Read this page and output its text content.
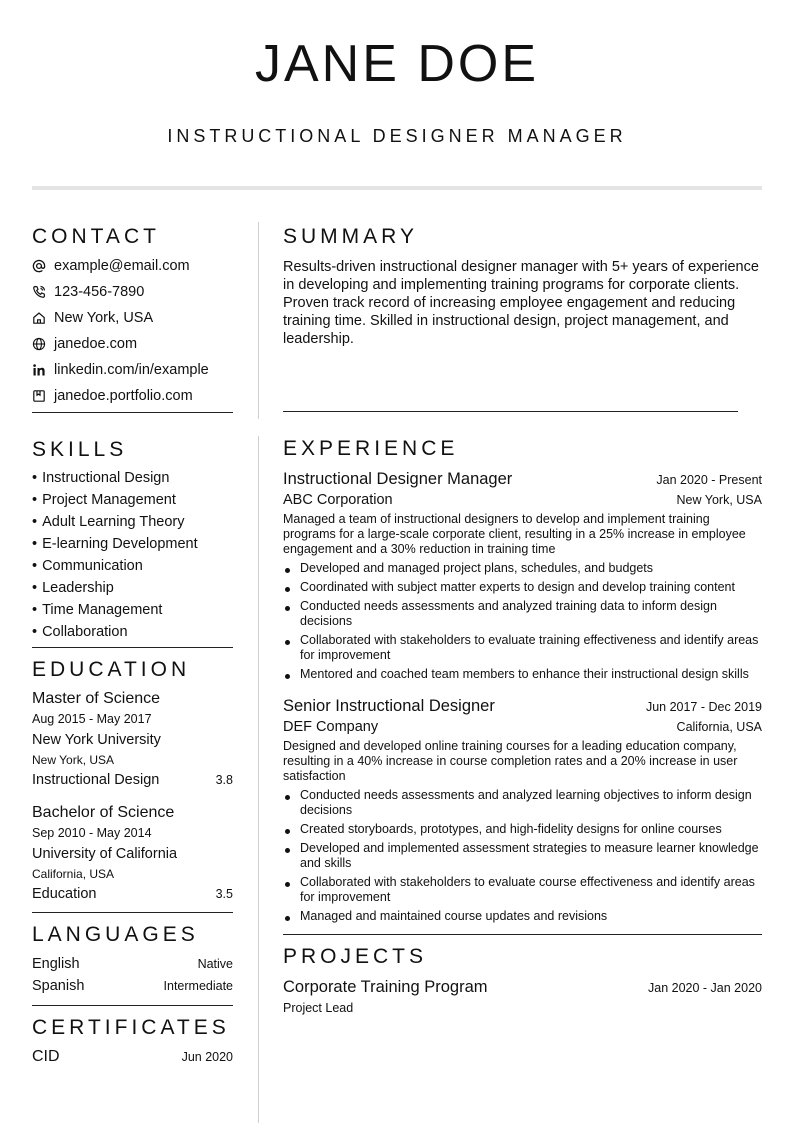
JANE DOE
INSTRUCTIONAL DESIGNER MANAGER
CONTACT
example@email.com
123-456-7890
New York, USA
janedoe.com
linkedin.com/in/example
janedoe.portfolio.com
SKILLS
• Instructional Design
• Project Management
• Adult Learning Theory
• E-learning Development
• Communication
• Leadership
• Time Management
• Collaboration
EDUCATION
Master of Science
Aug 2015 - May 2017
New York University
New York, USA
Instructional Design	3.8
Bachelor of Science
Sep 2010 - May 2014
University of California
California, USA
Education	3.5
LANGUAGES
English	Native
Spanish	Intermediate
CERTIFICATES
CID	Jun 2020
SUMMARY

Results-driven instructional designer manager with 5+ years of experience in developing and implementing training programs for corporate clients. Proven track record of increasing employee engagement and reducing training time. Skilled in instructional design, project management, and leadership.

EXPERIENCE
Instructional Designer Manager	Jan 2020 - Present
ABC Corporation	New York, USA
Managed a team of instructional designers to develop and implement training programs for a large-scale corporate client, resulting in a 25% increase in employee engagement and a 30% reduction in training time
Developed and managed project plans, schedules, and budgets
Coordinated with subject matter experts to design and develop training content
Conducted needs assessments and analyzed training data to inform design decisions
Collaborated with stakeholders to evaluate training effectiveness and identify areas for improvement
Mentored and coached team members to enhance their instructional design skills
Senior Instructional Designer	Jun 2017 - Dec 2019
DEF Company	California, USA
Designed and developed online training courses for a leading education company, resulting in a 40% increase in course completion rates and a 20% increase in user satisfaction
Conducted needs assessments and analyzed learning objectives to inform design decisions
Created storyboards, prototypes, and high-fidelity designs for online courses
Developed and implemented assessment strategies to measure learner knowledge and skills
Collaborated with stakeholders to evaluate course effectiveness and identify areas for improvement
Managed and maintained course updates and revisions
PROJECTS
Corporate Training Program	Jan 2020 - Jan 2020
Project Lead
